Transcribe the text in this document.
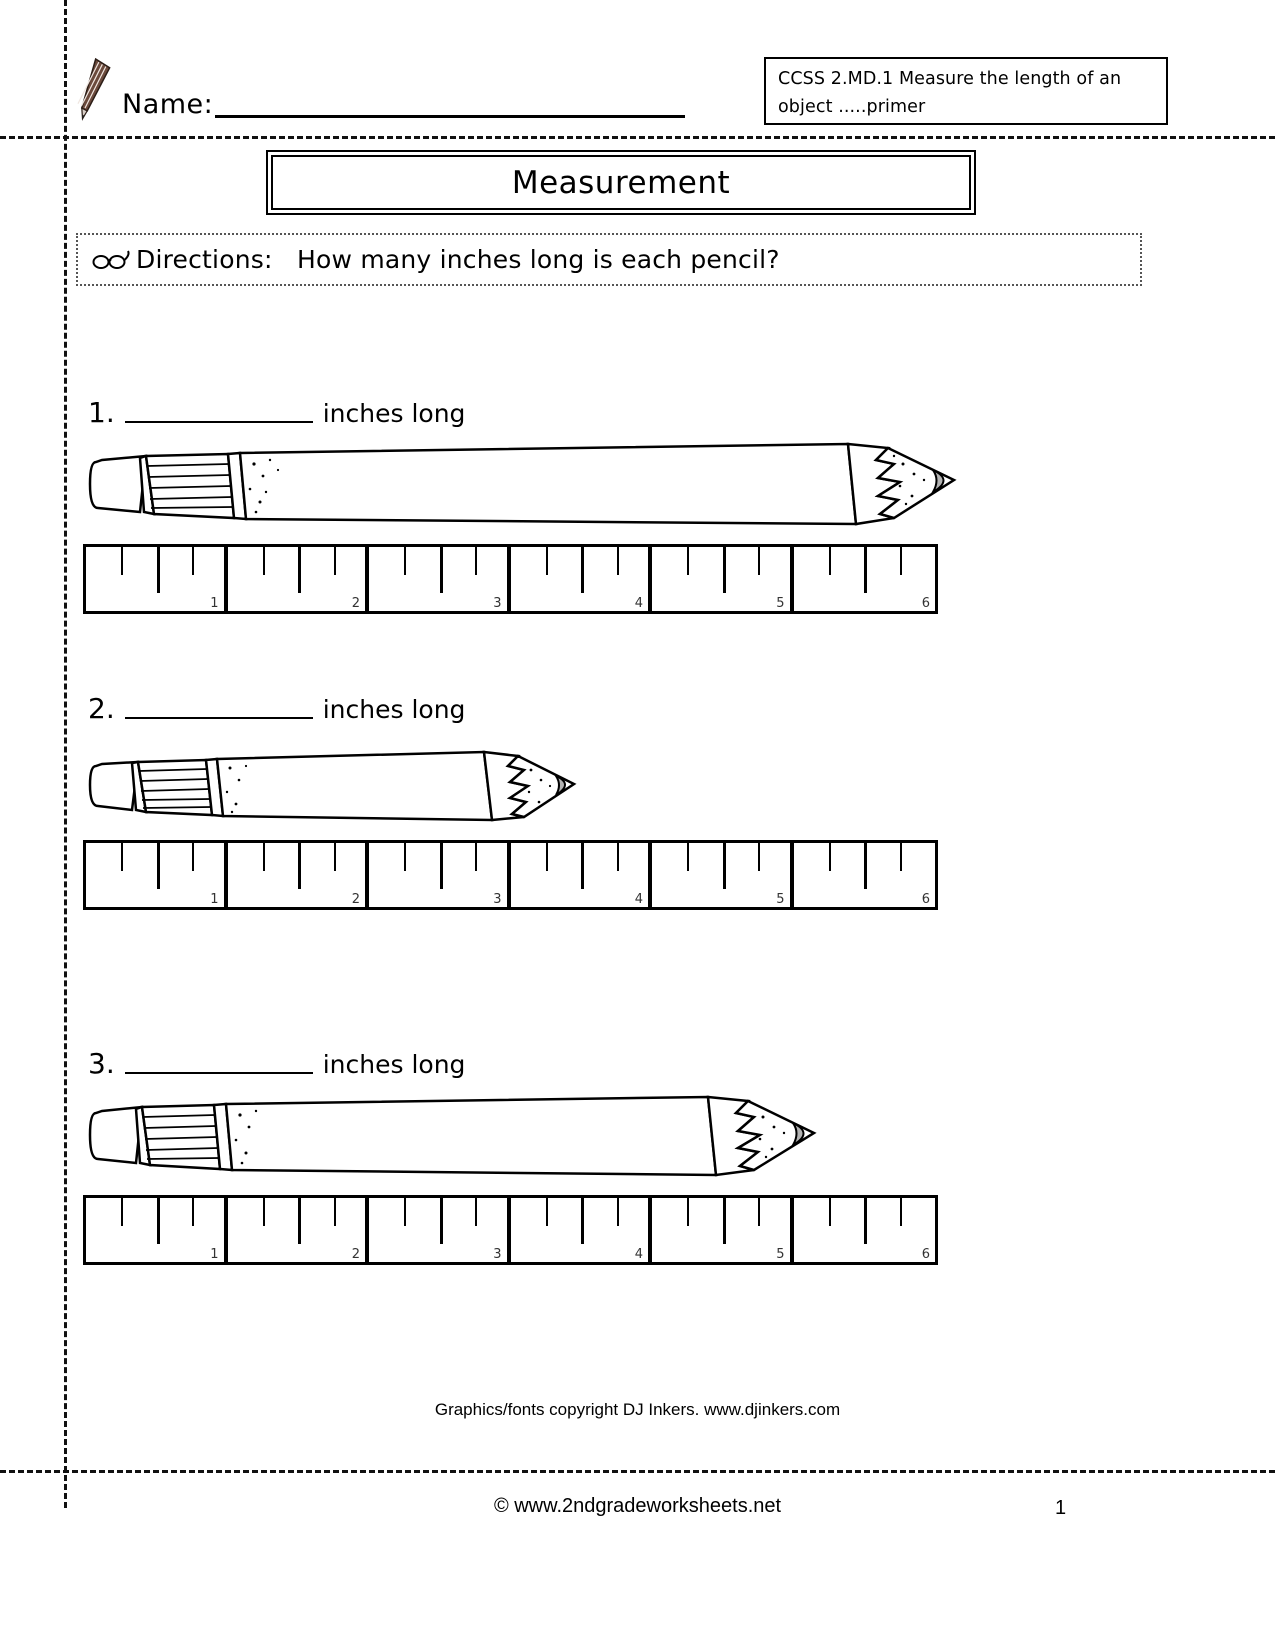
Name:
CCSS 2.MD.1 Measure the length of an object .....primer
Measurement
Directions:   How many inches long is each pencil?
1.	inches long
1	2	3	4	5	6
2.	inches long
1	2	3	4	5	6
3.	inches long
1	2	3	4	5	6
Graphics/fonts copyright DJ Inkers. www.djinkers.com
© www.2ndgradeworksheets.net	1
